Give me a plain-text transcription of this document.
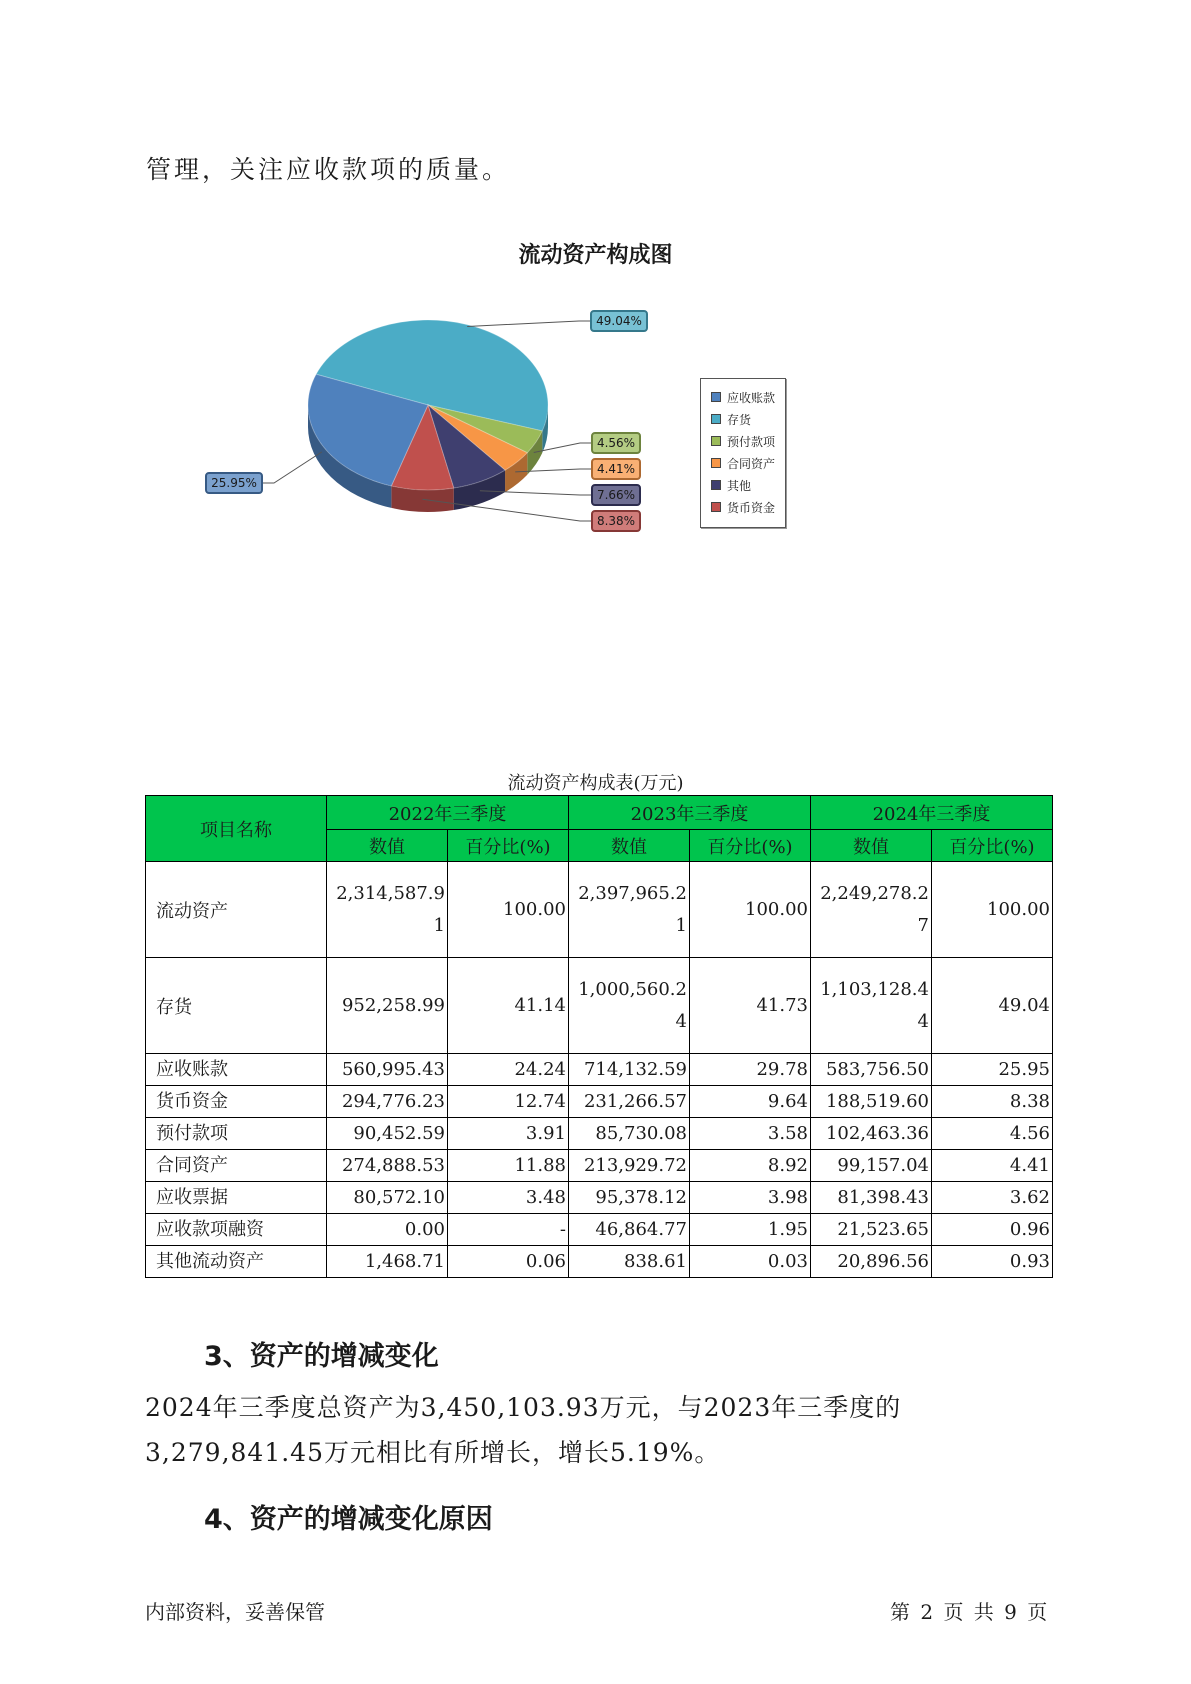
管理，关注应收款项的质量。
流动资产构成图
25.95%
49.04%
4.56%
4.41%
7.66%
8.38%
应收账款
存货
预付款项
合同资产
其他
货币资金
流动资产构成表(万元)
项目名称	2022年三季度		2023年三季度		2024年三季度	
	数值	百分比(%)	数值	百分比(%)	数值	百分比(%)
流动资产	2,314,587.91	100.00	2,397,965.21	100.00	2,249,278.27	100.00
存货	952,258.99	41.14	1,000,560.24	41.73	1,103,128.44	49.04
应收账款	560,995.43	24.24	714,132.59	29.78	583,756.50	25.95
货币资金	294,776.23	12.74	231,266.57	9.64	188,519.60	8.38
预付款项	90,452.59	3.91	85,730.08	3.58	102,463.36	4.56
合同资产	274,888.53	11.88	213,929.72	8.92	99,157.04	4.41
应收票据	80,572.10	3.48	95,378.12	3.98	81,398.43	3.62
应收款项融资	0.00	-	46,864.77	1.95	21,523.65	0.96
其他流动资产	1,468.71	0.06	838.61	0.03	20,896.56	0.93
3、资产的增减变化
2024年三季度总资产为3,450,103.93万元，与2023年三季度的3,279,841.45万元相比有所增长，增长5.19%。
4、资产的增减变化原因
内部资料，妥善保管	第 2 页 共 9 页
